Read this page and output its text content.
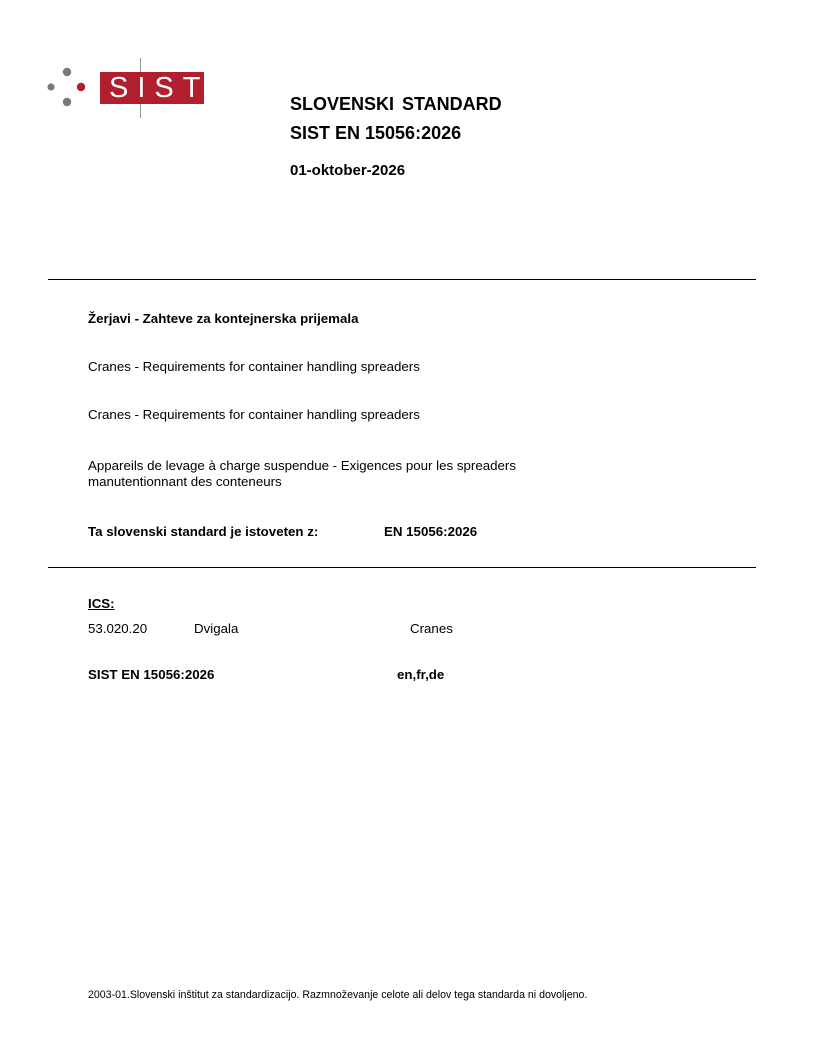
SIST	SLOVENSKI STANDARD
SIST EN 15056:2026
01-oktober-2026
Žerjavi - Zahteve za kontejnerska prijemala
Cranes - Requirements for container handling spreaders
Cranes - Requirements for container handling spreaders
Appareils de levage à charge suspendue - Exigences pour les spreaders
manutentionnant des conteneurs
Ta slovenski standard je istoveten z:	EN 15056:2026
ICS:
53.020.20	Dvigala	Cranes
SIST EN 15056:2026	en,fr,de
2003-01.Slovenski inštitut za standardizacijo. Razmnoževanje celote ali delov tega standarda ni dovoljeno.
